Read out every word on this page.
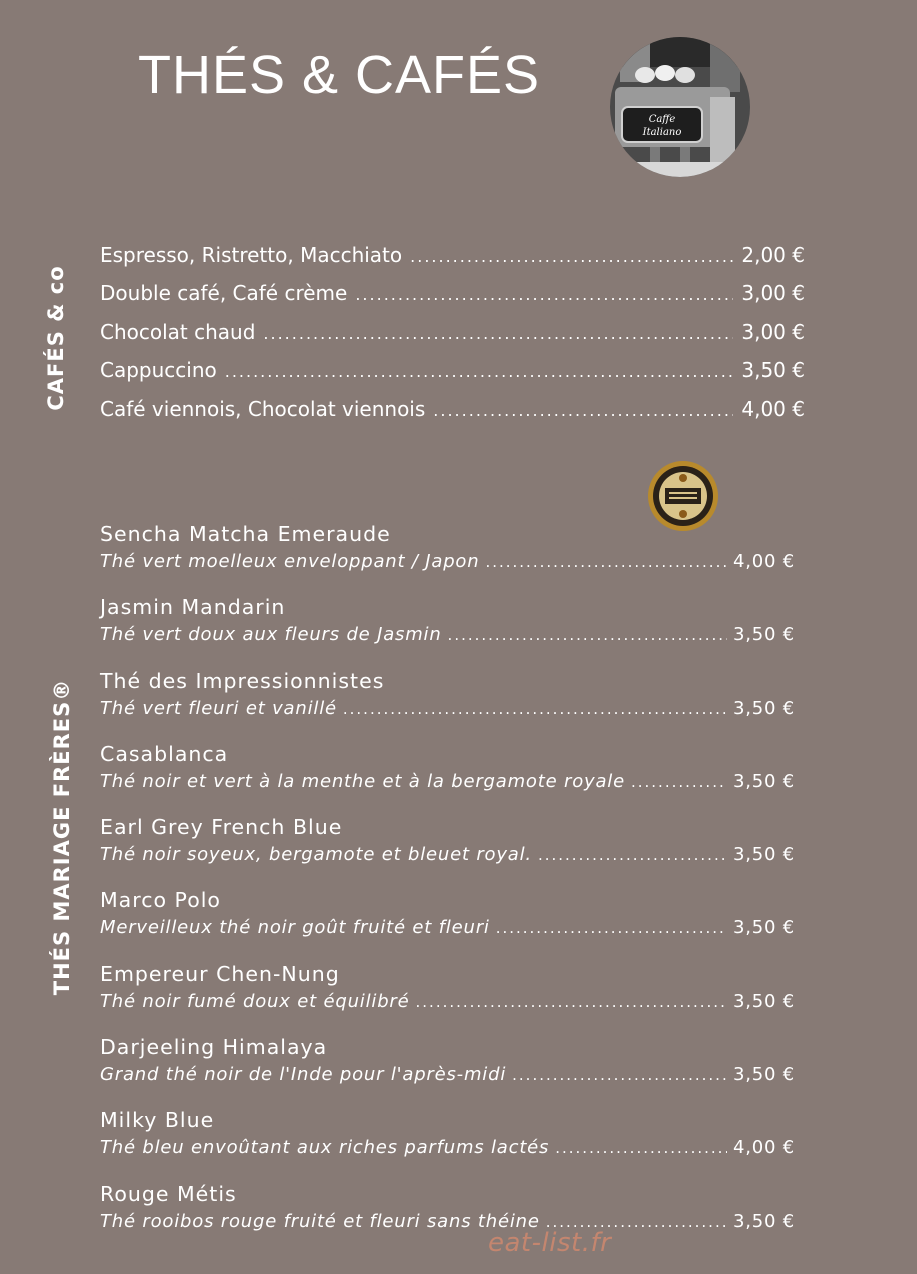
THÉS & CAFÉS
Caffe
Italiano
CAFÉS & co
THÉS MARIAGE FRÈRES®
Espresso, Ristretto, Macchiato .....	2,00 €
Double café, Café crème .....	3,00 €
Chocolat chaud .....	3,00 €
Cappuccino .....	3,50 €
Café viennois, Chocolat viennois .....	4,00 €
Sencha Matcha Emeraude
Thé vert moelleux enveloppant / Japon .....	4,00 €
Jasmin Mandarin
Thé vert doux aux fleurs de Jasmin .....	3,50 €
Thé des Impressionnistes
Thé vert fleuri et vanillé .....	3,50 €
Casablanca
Thé noir et vert à la menthe et à la bergamote royale .....	3,50 €
Earl Grey French Blue
Thé noir soyeux, bergamote et bleuet royal. .....	3,50 €
Marco Polo
Merveilleux thé noir goût fruité et fleuri .....	3,50 €
Empereur Chen-Nung
Thé noir fumé doux et équilibré .....	3,50 €
Darjeeling Himalaya
Grand thé noir de l'Inde pour l'après-midi .....	3,50 €
Milky Blue
Thé bleu envoûtant aux riches parfums lactés .....	4,00 €
Rouge Métis
Thé rooibos rouge fruité et fleuri sans théine .....	3,50 €
eat-list.fr
